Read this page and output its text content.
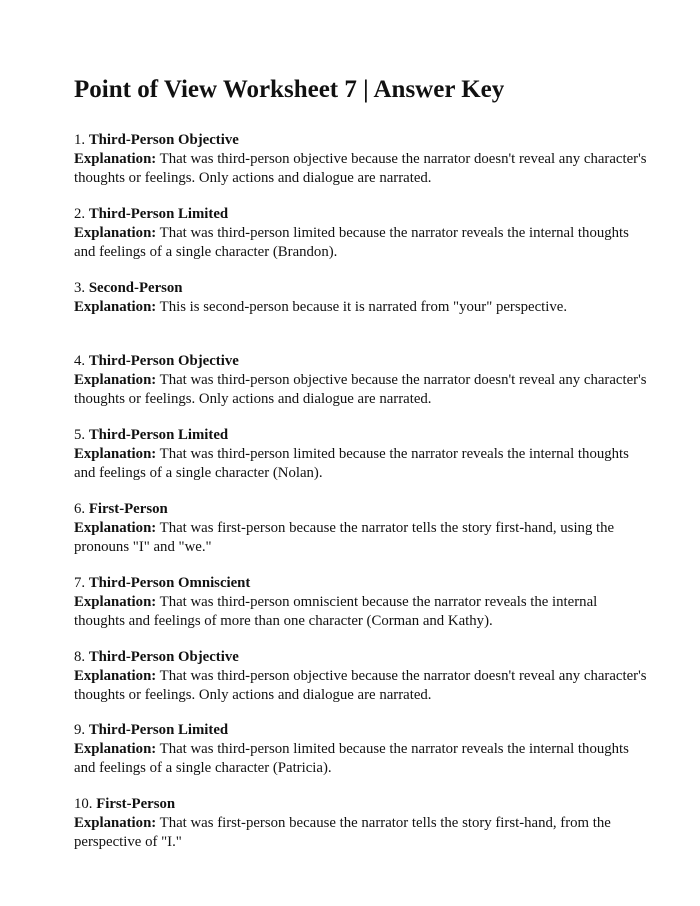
Point of View Worksheet 7 | Answer Key
1. Third-Person Objective

Explanation: That was third-person objective because the narrator doesn't reveal any character's thoughts or feelings. Only actions and dialogue are narrated.

2. Third-Person Limited

Explanation: That was third-person limited because the narrator reveals the internal thoughts and feelings of a single character (Brandon).

3. Second-Person

Explanation: This is second-person because it is narrated from "your" perspective.

4. Third-Person Objective

Explanation: That was third-person objective because the narrator doesn't reveal any character's thoughts or feelings. Only actions and dialogue are narrated.

5. Third-Person Limited

Explanation: That was third-person limited because the narrator reveals the internal thoughts and feelings of a single character (Nolan).

6. First-Person

Explanation: That was first-person because the narrator tells the story first-hand, using the pronouns "I" and "we."

7. Third-Person Omniscient

Explanation: That was third-person omniscient because the narrator reveals the internal thoughts and feelings of more than one character (Corman and Kathy).

8. Third-Person Objective

Explanation: That was third-person objective because the narrator doesn't reveal any character's thoughts or feelings. Only actions and dialogue are narrated.

9. Third-Person Limited

Explanation: That was third-person limited because the narrator reveals the internal thoughts and feelings of a single character (Patricia).

10. First-Person

Explanation: That was first-person because the narrator tells the story first-hand, from the perspective of "I."
